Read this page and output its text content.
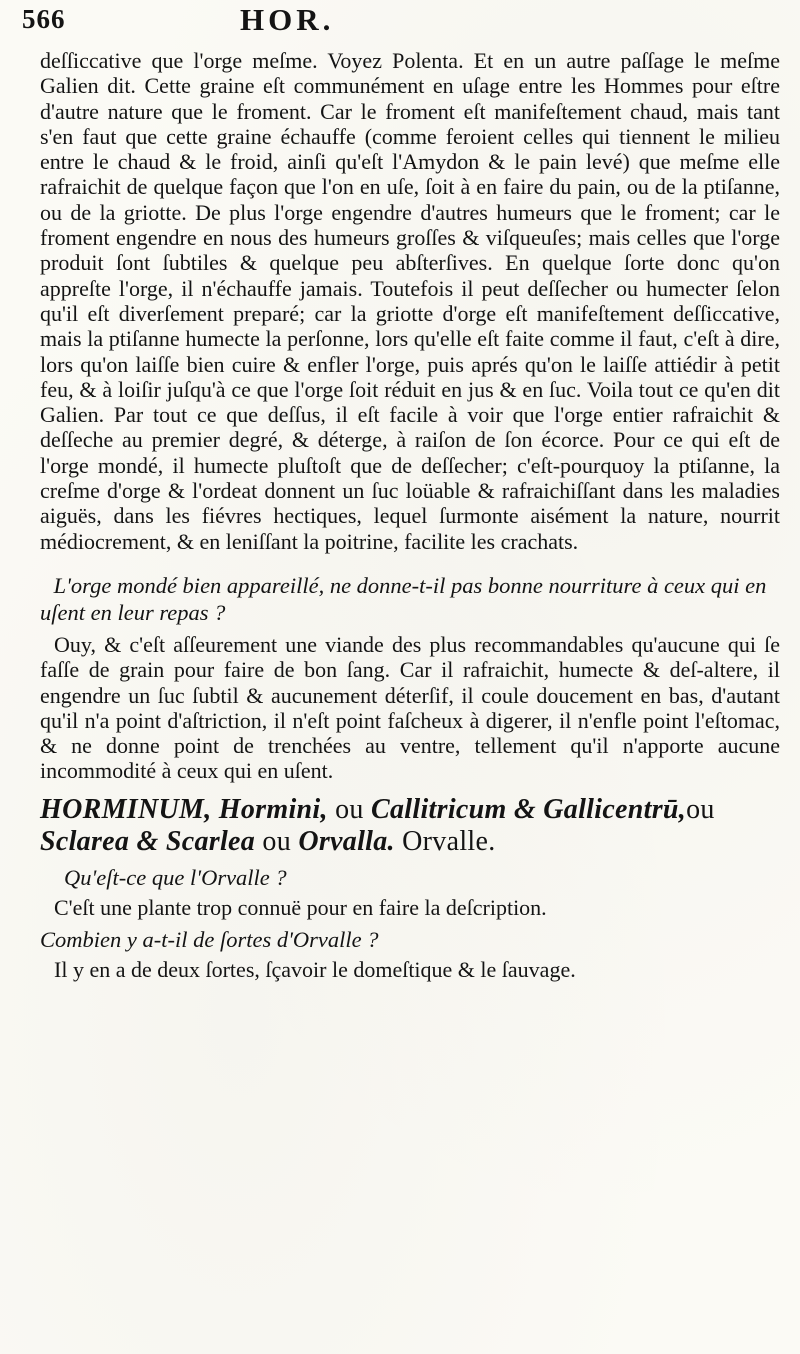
566	HOR.

deſſiccative que l'orge meſme. Voyez Polenta. Et en un autre paſſage le meſme Galien dit. Cette graine eſt communément en uſage entre les Hommes pour eſtre d'autre nature que le froment. Car le froment eſt manifeſtement chaud, mais tant s'en faut que cette graine échauffe (comme feroient celles qui tiennent le milieu entre le chaud & le froid, ainſi qu'eſt l'Amydon & le pain levé) que meſme elle rafraichit de quelque façon que l'on en uſe, ſoit à en faire du pain, ou de la ptiſanne, ou de la griotte. De plus l'orge engendre d'autres humeurs que le froment; car le froment engendre en nous des humeurs groſſes & viſqueuſes; mais celles que l'orge produit ſont ſubtiles & quelque peu abſterſives. En quelque ſorte donc qu'on appreſte l'orge, il n'échauffe jamais. Toutefois il peut deſſecher ou humecter ſelon qu'il eſt diverſement preparé; car la griotte d'orge eſt manifeſtement deſſiccative, mais la ptiſanne humecte la perſonne, lors qu'elle eſt faite comme il faut, c'eſt à dire, lors qu'on laiſſe bien cuire & enfler l'orge, puis aprés qu'on le laiſſe attiédir à petit feu, & à loiſir juſqu'à ce que l'orge ſoit réduit en jus & en ſuc. Voila tout ce qu'en dit Galien. Par tout ce que deſſus, il eſt facile à voir que l'orge entier rafraichit & deſſeche au premier degré, & déterge, à raiſon de ſon écorce. Pour ce qui eſt de l'orge mondé, il humecte pluſtoſt que de deſſecher; c'eſt-pourquoy la ptiſanne, la creſme d'orge & l'ordeat donnent un ſuc loüable & rafraichiſſant dans les maladies aiguës, dans les fiévres hectiques, lequel ſurmonte aisément la nature, nourrit médiocrement, & en leniſſant la poitrine, facilite les crachats.

L'orge mondé bien appareillé, ne donne-t-il pas bonne nourriture à ceux qui en uſent en leur repas ?

Ouy, & c'eſt aſſeurement une viande des plus recommandables qu'aucune qui ſe faſſe de grain pour faire de bon ſang. Car il rafraichit, humecte & deſ-altere, il engendre un ſuc ſubtil & aucunement déterſif, il coule doucement en bas, d'autant qu'il n'a point d'aſtriction, il n'eſt point faſcheux à digerer, il n'enfle point l'eſtomac, & ne donne point de trenchées au ventre, tellement qu'il n'apporte aucune incommodité à ceux qui en uſent.

HORMINUM, Hormini, ou Callitricum & Gallicentrū,ou Sclarea & Scarlea ou Orvalla. Orvalle.
Qu'eſt-ce que l'Orvalle ?

C'eſt une plante trop connuë pour en faire la deſcription.

Combien y a-t-il de ſortes d'Orvalle ?

Il y en a de deux ſortes, ſçavoir le domeſtique & le ſauvage.
